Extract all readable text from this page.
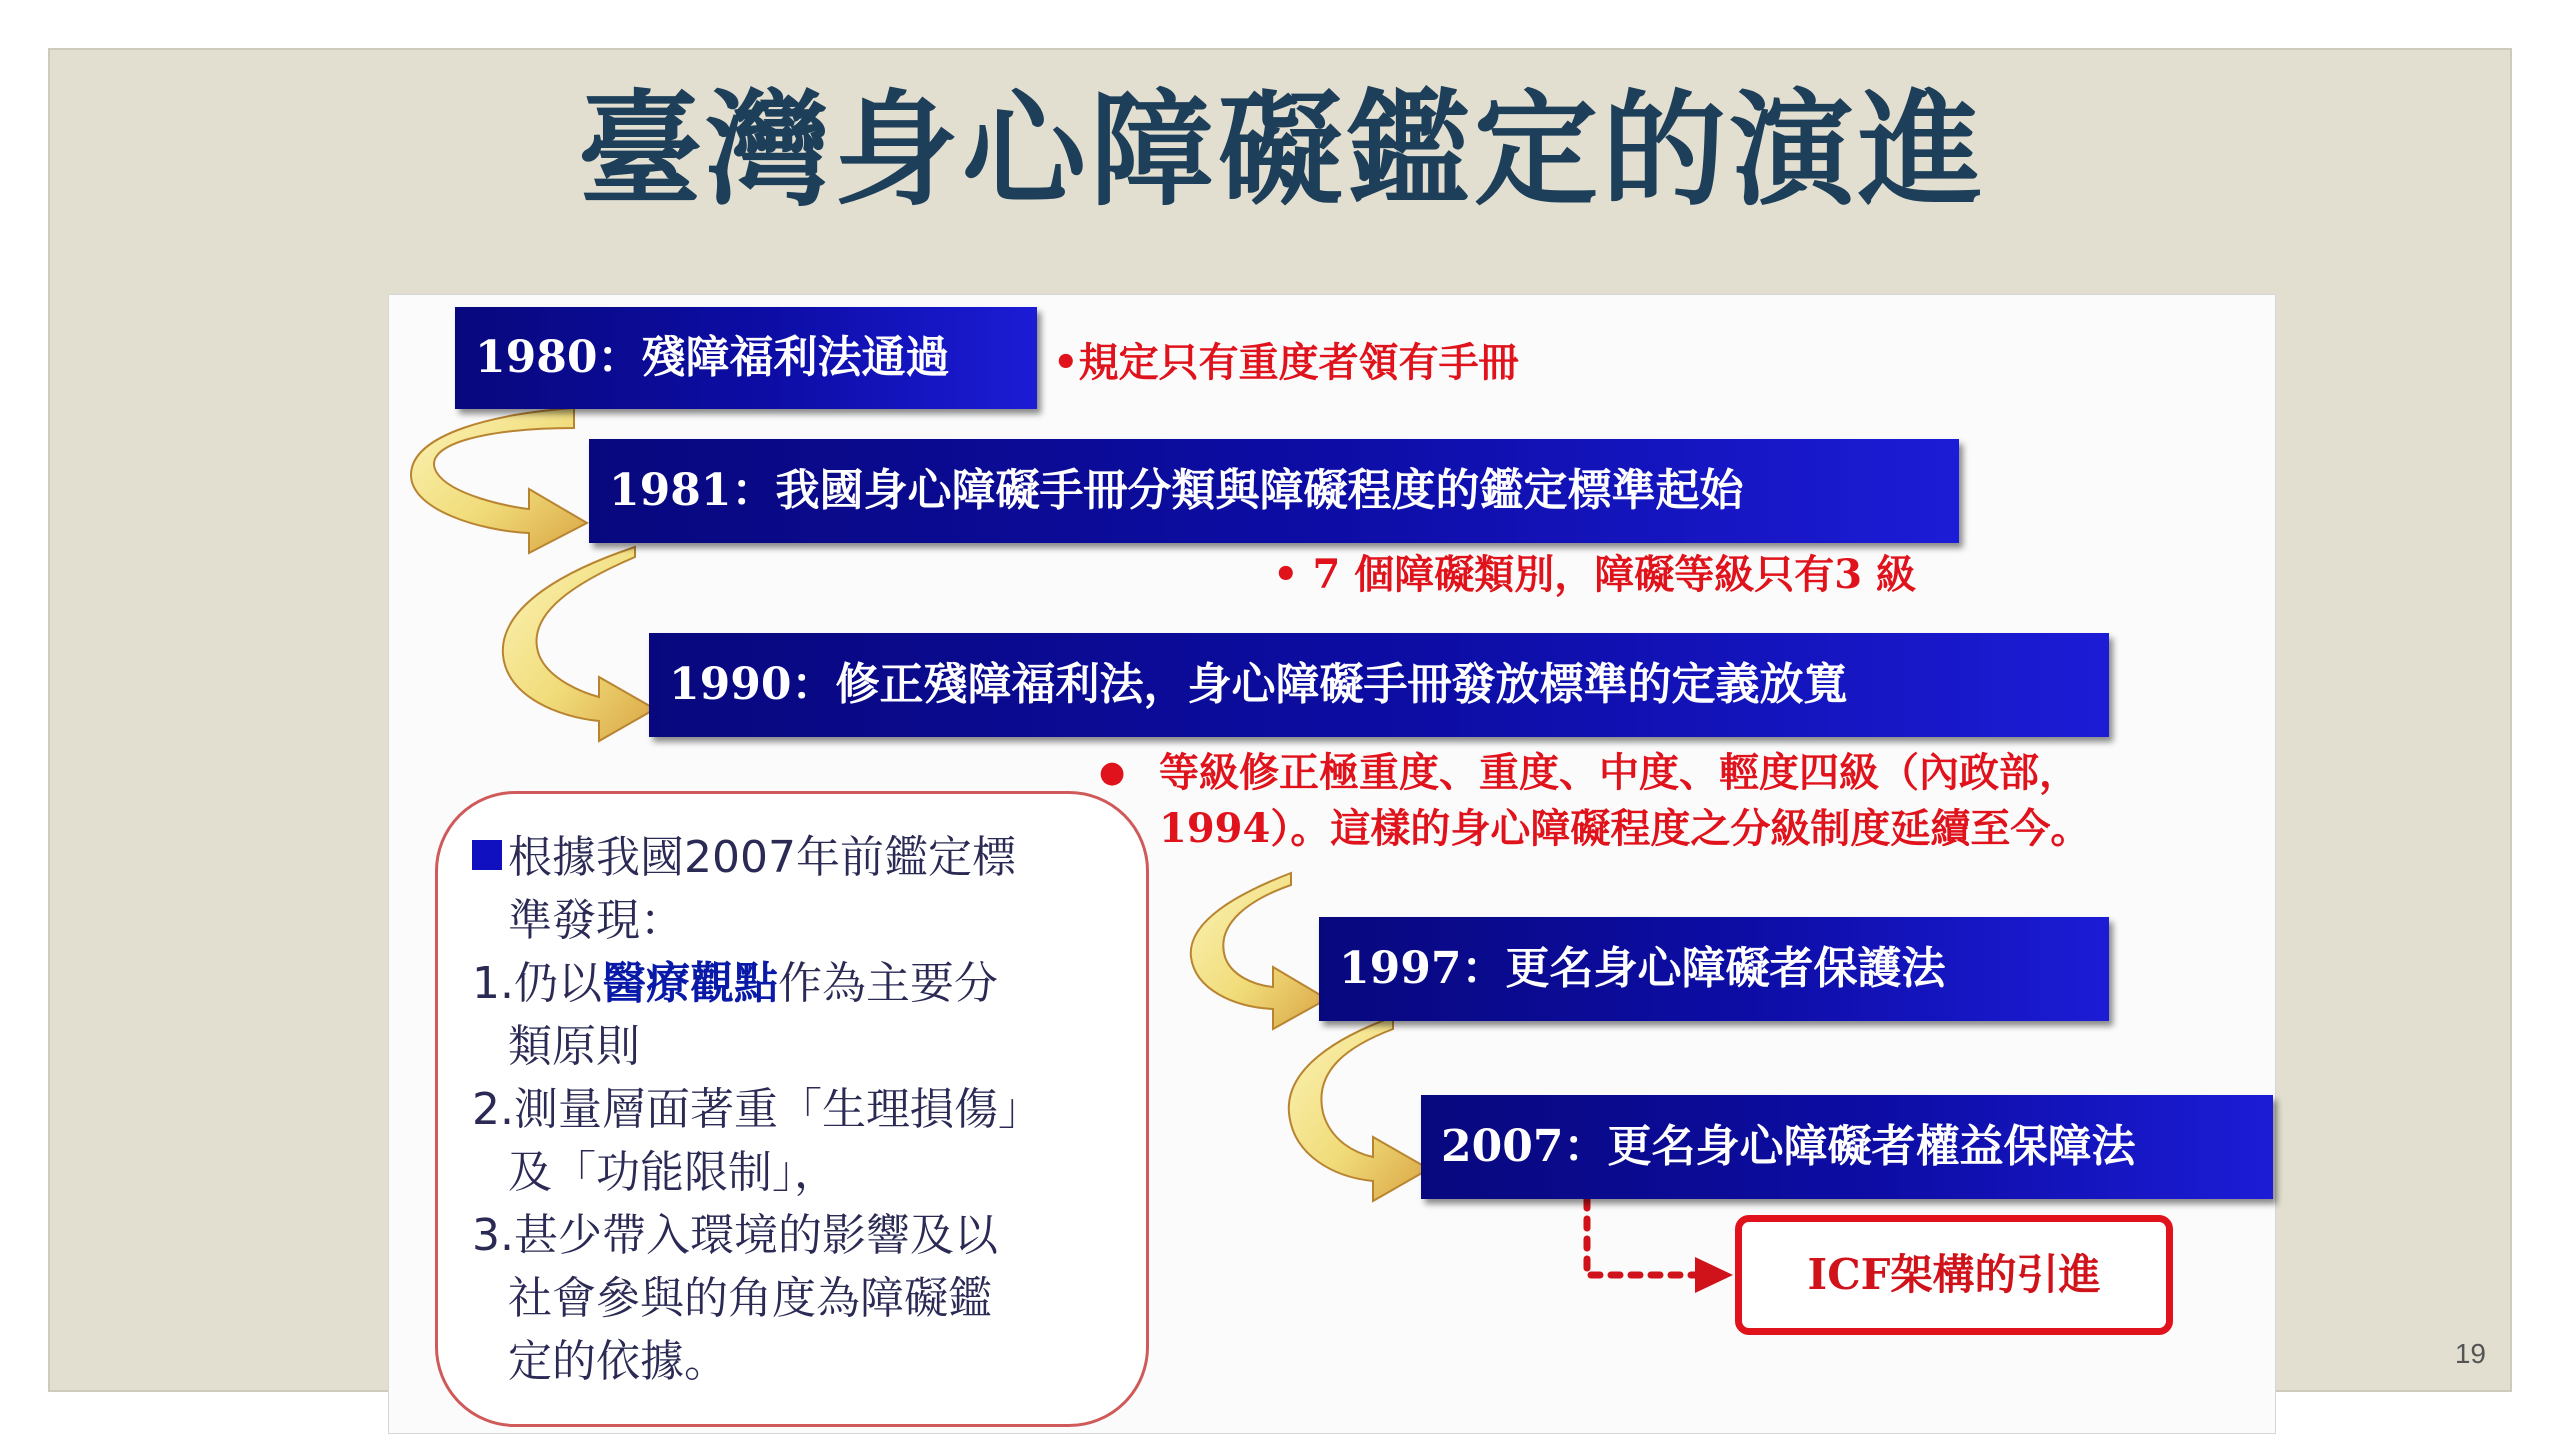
臺灣身心障礙鑑定的演進
1980：殘障福利法通過
1981：我國身心障礙手冊分類與障礙程度的鑑定標準起始
1990：修正殘障福利法，身心障礙手冊發放標準的定義放寬
1997：更名身心障礙者保護法
2007：更名身心障礙者權益保障法
•規定只有重度者領有手冊
• 7 個障礙類別，障礙等級只有3 級
● 等級修正極重度、重度、中度、輕度四級（內政部，
1994）。這樣的身心障礙程度之分級制度延續至今。
根據我國2007年前鑑定標
準發現：
1.仍以醫療觀點作為主要分
類原則
2.測量層面著重「生理損傷」
及「功能限制」，
3.甚少帶入環境的影響及以
社會參與的角度為障礙鑑
定的依據。
ICF架構的引進
19
